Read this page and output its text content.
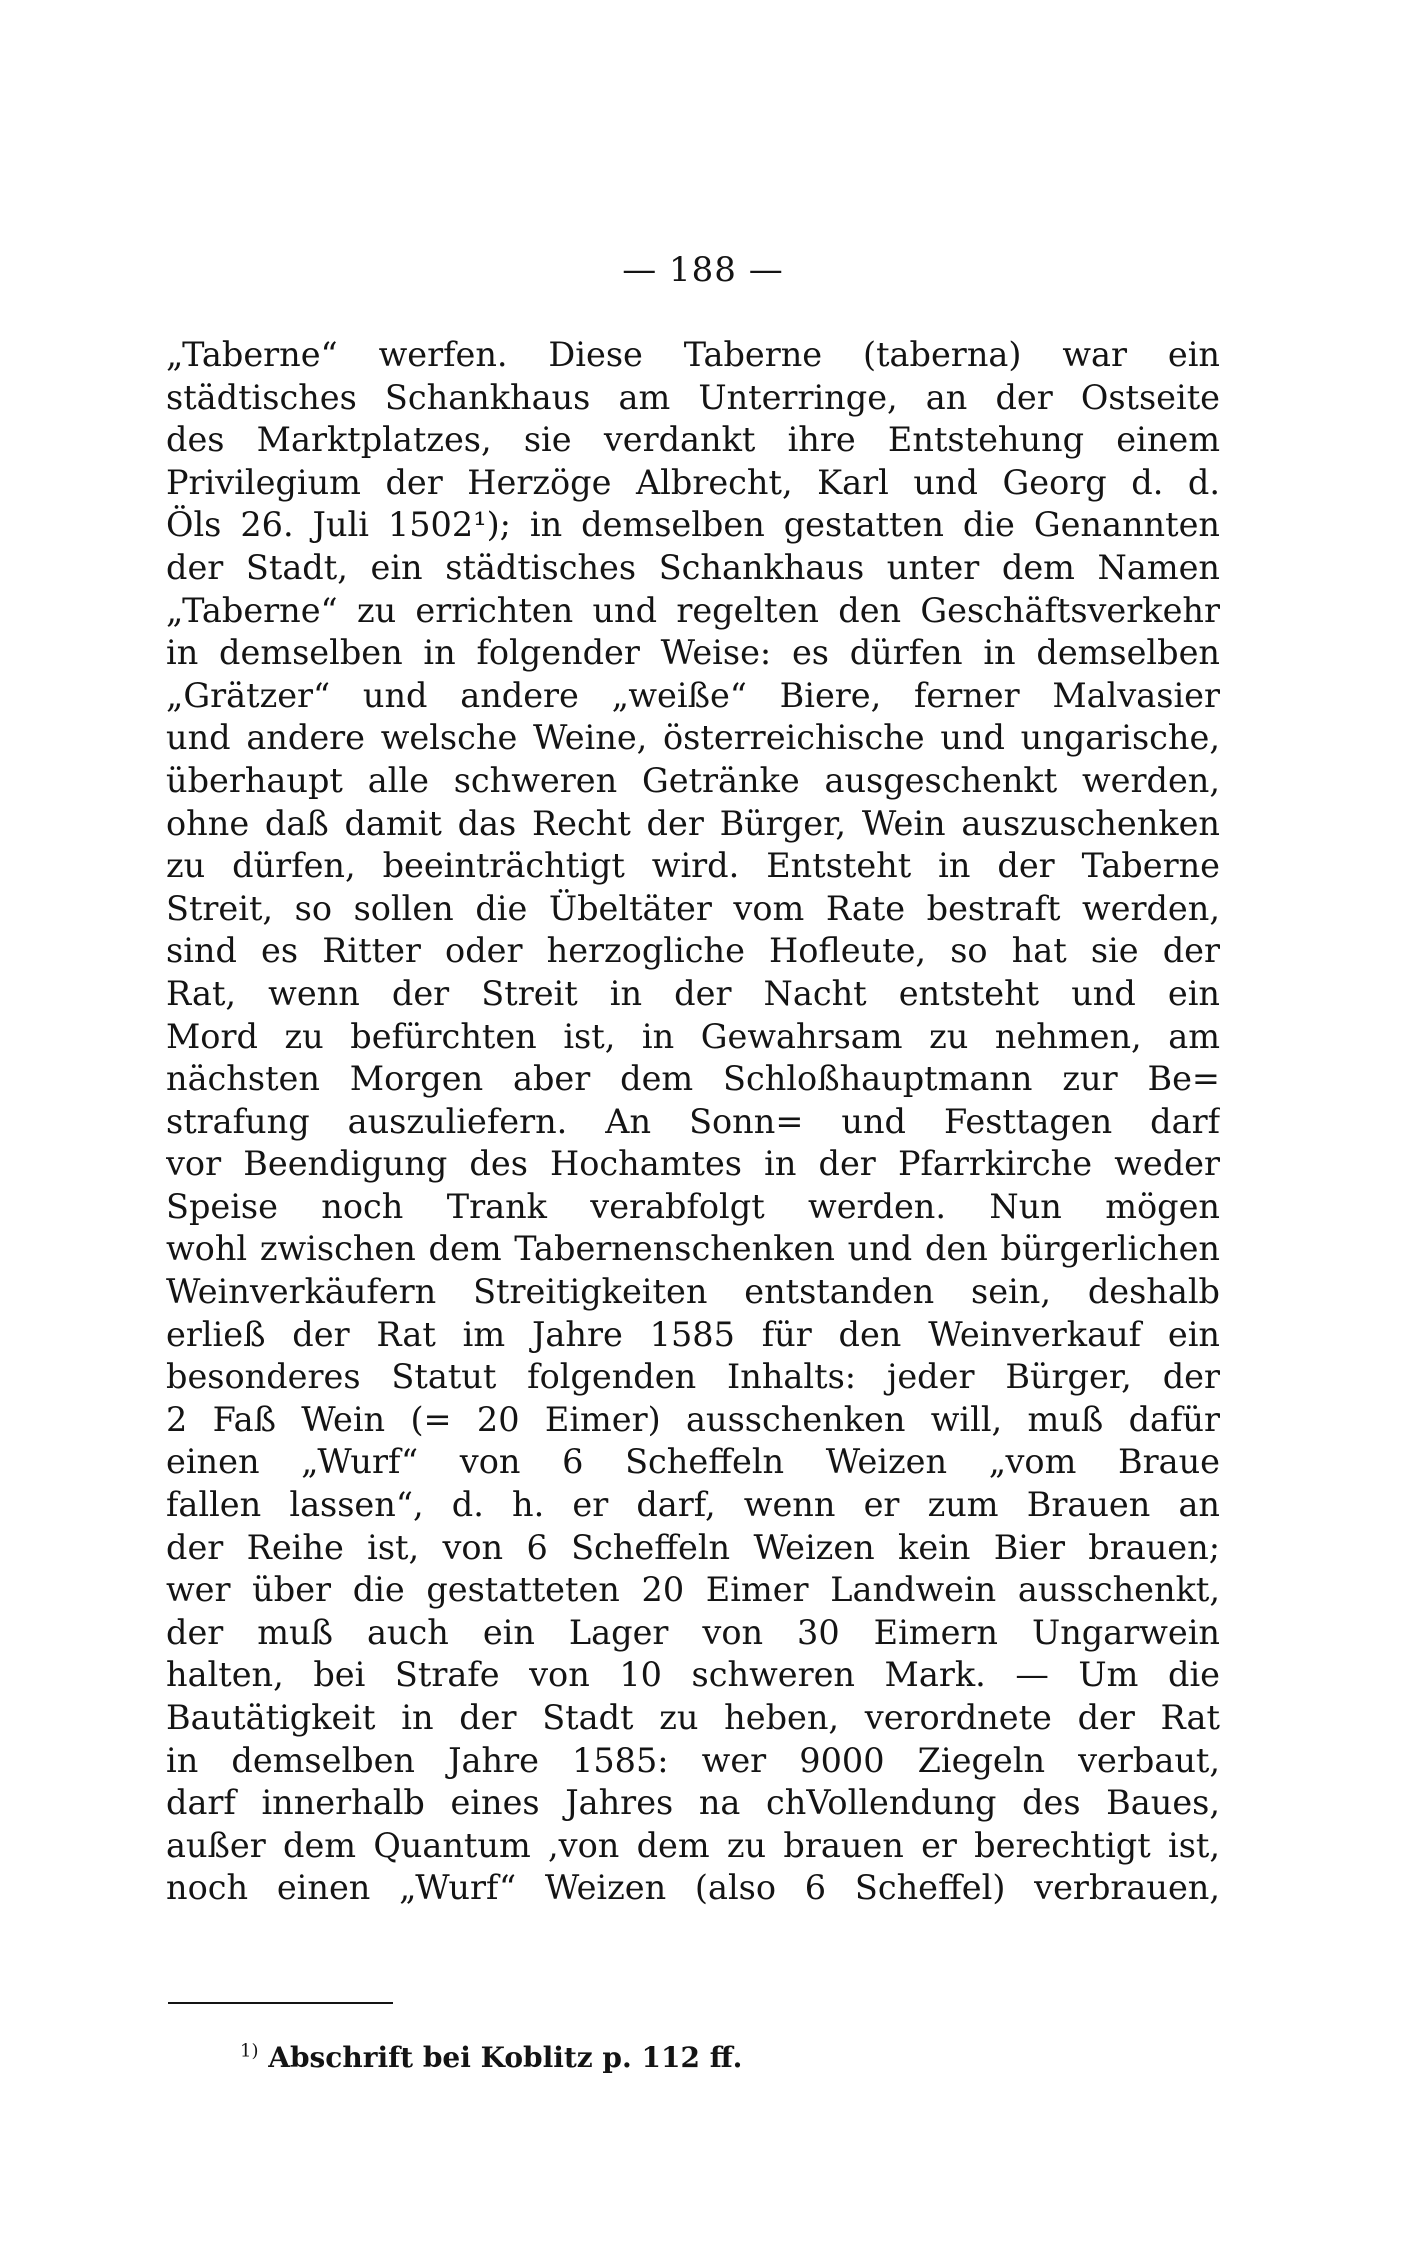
— 188 —
„Taberne“ werfen. Diese Taberne (taberna) war ein
städtisches Schankhaus am Unterringe, an der Ostseite
des Marktplatzes, sie verdankt ihre Entstehung einem
Privilegium der Herzöge Albrecht, Karl und Georg d. d.
Öls 26. Juli 1502¹); in demselben gestatten die Genannten
der Stadt, ein städtisches Schankhaus unter dem Namen
„Taberne“ zu errichten und regelten den Geschäftsverkehr
in demselben in folgender Weise: es dürfen in demselben
„Grätzer“ und andere „weiße“ Biere, ferner Malvasier
und andere welsche Weine, österreichische und ungarische,
überhaupt alle schweren Getränke ausgeschenkt werden,
ohne daß damit das Recht der Bürger, Wein auszuschenken
zu dürfen, beeinträchtigt wird. Entsteht in der Taberne
Streit, so sollen die Übeltäter vom Rate bestraft werden,
sind es Ritter oder herzogliche Hofleute, so hat sie der
Rat, wenn der Streit in der Nacht entsteht und ein
Mord zu befürchten ist, in Gewahrsam zu nehmen, am
nächsten Morgen aber dem Schloßhauptmann zur Be=
strafung auszuliefern. An Sonn= und Festtagen darf
vor Beendigung des Hochamtes in der Pfarrkirche weder
Speise noch Trank verabfolgt werden. Nun mögen
wohl zwischen dem Tabernenschenken und den bürgerlichen
Weinverkäufern Streitigkeiten entstanden sein, deshalb
erließ der Rat im Jahre 1585 für den Weinverkauf ein
besonderes Statut folgenden Inhalts: jeder Bürger, der
2 Faß Wein (= 20 Eimer) ausschenken will, muß dafür
einen „Wurf“ von 6 Scheffeln Weizen „vom Braue
fallen lassen“, d. h. er darf, wenn er zum Brauen an
der Reihe ist, von 6 Scheffeln Weizen kein Bier brauen;
wer über die gestatteten 20 Eimer Landwein ausschenkt,
der muß auch ein Lager von 30 Eimern Ungarwein
halten, bei Strafe von 10 schweren Mark. — Um die
Bautätigkeit in der Stadt zu heben, verordnete der Rat
in demselben Jahre 1585: wer 9000 Ziegeln verbaut,
darf innerhalb eines Jahres na chVollendung des Baues,
außer dem Quantum ,von dem zu brauen er berechtigt ist,
noch einen „Wurf“ Weizen (also 6 Scheffel) verbrauen,
$^{1)}$ Abschrift bei Koblitz p. 112 ff.
